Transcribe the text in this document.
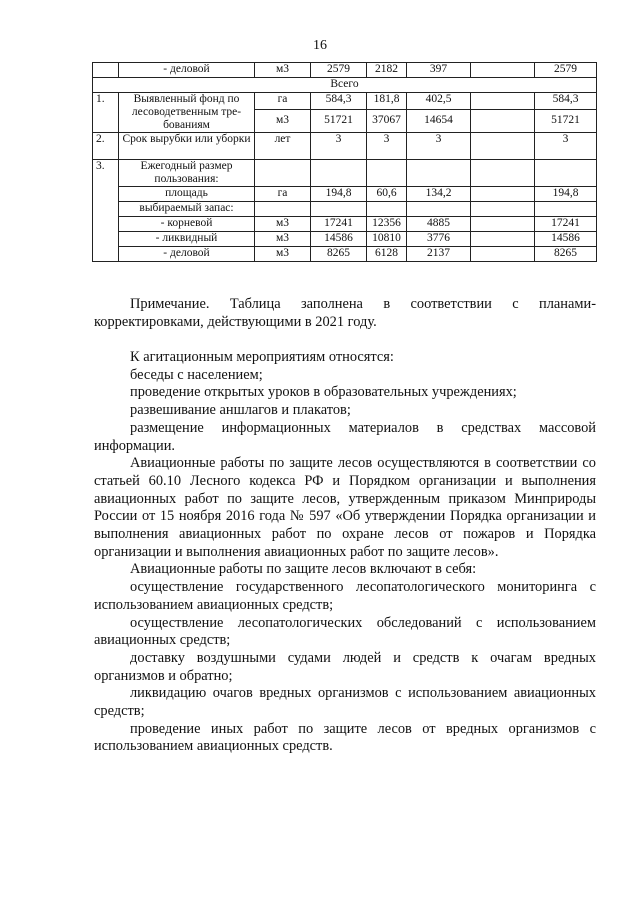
16
	- деловой	м3	2579	2182	397		2579
Всего							
1.	Выявленный фонд по лесоводетвенным тре-бованиям	га	584,3	181,8	402,5		584,3
		м3	51721	37067	14654		51721
2.	Срок вырубки или уборки	лет	3	3	3		3
3.	Ежегодный размер пользования:						
	площадь	га	194,8	60,6	134,2		194,8
	выбираемый запас:						
	- корневой	м3	17241	12356	4885		17241
	- ликвидный	м3	14586	10810	3776		14586
	- деловой	м3	8265	6128	2137		8265

Примечание. Таблица заполнена в соответствии с планами-корректировками, действующими в 2021 году.

К агитационным мероприятиям относятся:

беседы с населением;

проведение открытых уроков в образовательных учреждениях;

развешивание аншлагов и плакатов;

размещение информационных материалов в средствах массовой информации.

Авиационные работы по защите лесов осуществляются в соответствии со статьей 60.10 Лесного кодекса РФ и Порядком организации и выполнения авиационных работ по защите лесов, утвержденным приказом Минприроды России от 15 ноября 2016 года № 597 «Об утверждении Порядка организации и выполнения авиационных работ по охране лесов от пожаров и Порядка организации и выполнения авиационных работ по защите лесов».

Авиационные работы по защите лесов включают в себя:

осуществление государственного лесопатологического мониторинга с использованием авиационных средств;

осуществление лесопатологических обследований с использованием авиационных средств;

доставку воздушными судами людей и средств к очагам вредных организмов и обратно;

ликвидацию очагов вредных организмов с использованием авиационных средств;

проведение иных работ по защите лесов от вредных организмов с использованием авиационных средств.
